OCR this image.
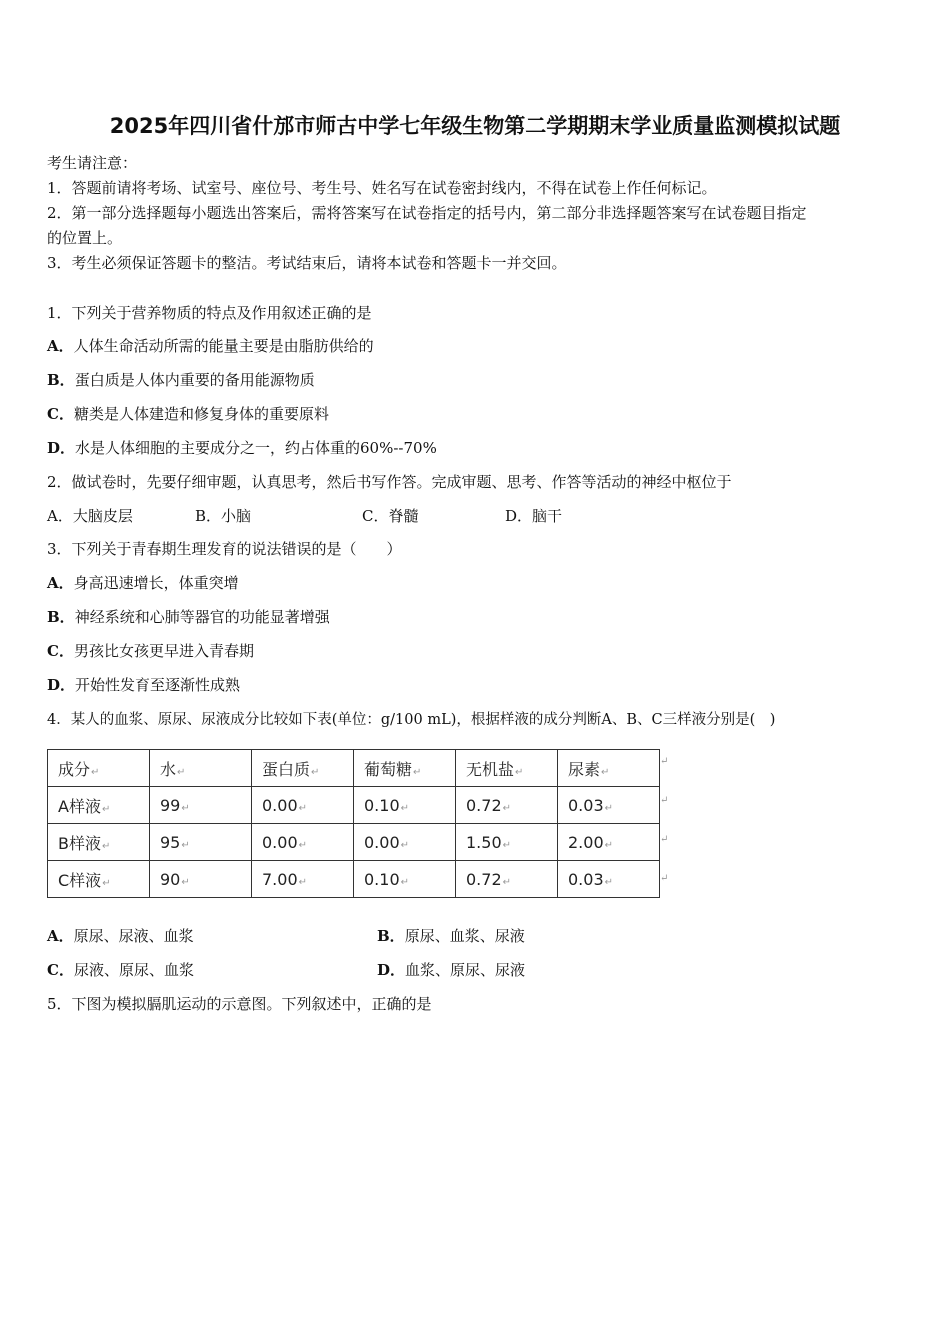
2025年四川省什邡市师古中学七年级生物第二学期期末学业质量监测模拟试题
考生请注意：
1．答题前请将考场、试室号、座位号、考生号、姓名写在试卷密封线内，不得在试卷上作任何标记。
2．第一部分选择题每小题选出答案后，需将答案写在试卷指定的括号内，第二部分非选择题答案写在试卷题目指定
的位置上。
3．考生必须保证答题卡的整洁。考试结束后，请将本试卷和答题卡一并交回。
1．下列关于营养物质的特点及作用叙述正确的是
A．人体生命活动所需的能量主要是由脂肪供给的
B．蛋白质是人体内重要的备用能源物质
C．糖类是人体建造和修复身体的重要原料
D．水是人体细胞的主要成分之一，约占体重的60%--70%
2．做试卷时，先要仔细审题，认真思考，然后书写作答。完成审题、思考、作答等活动的神经中枢位于
A．大脑皮层	B．小脑	C．脊髓	D．脑干
3．下列关于青春期生理发育的说法错误的是（　　）
A．身高迅速增长，体重突增
B．神经系统和心肺等器官的功能显著增强
C．男孩比女孩更早进入青春期
D．开始性发育至逐渐性成熟
4．某人的血浆、原尿、尿液成分比较如下表(单位：g/100 mL)，根据样液的成分判断A、B、C三样液分别是(　)
成分↵	水↵	蛋白质↵	葡萄糖↵	无机盐↵	尿素↵
A样液↵	99↵	0.00↵	0.10↵	0.72↵	0.03↵
B样液↵	95↵	0.00↵	0.00↵	1.50↵	2.00↵
C样液↵	90↵	7.00↵	0.10↵	0.72↵	0.03↵
↵
↵
↵
↵
A．原尿、尿液、血浆	B．原尿、血浆、尿液
C．尿液、原尿、血浆	D．血浆、原尿、尿液
5．下图为模拟膈肌运动的示意图。下列叙述中，正确的是
